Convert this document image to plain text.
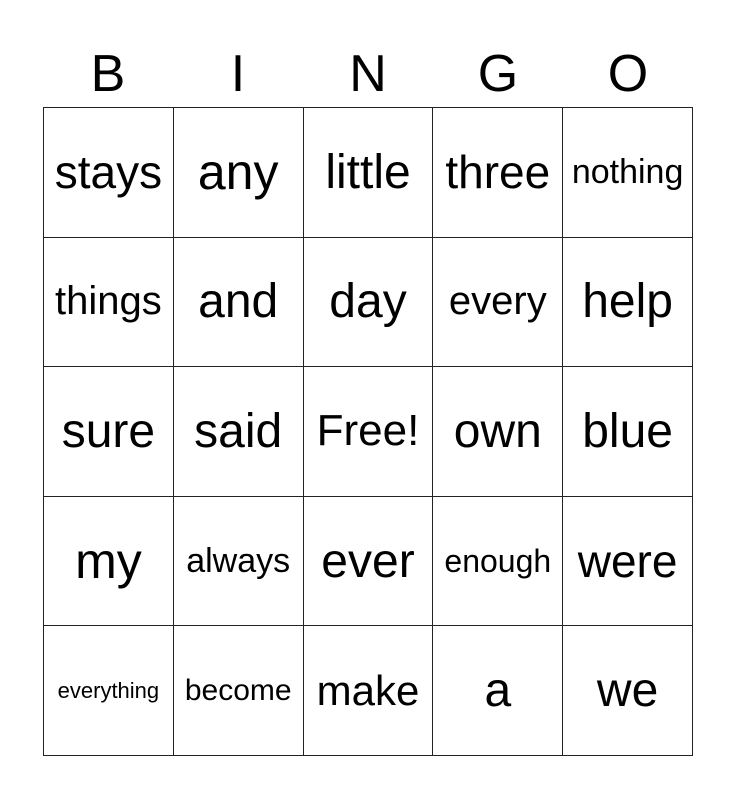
B	I	N	G	O
stays any little three nothing
things and	day	every help
sure said Free! own blue
my	always ever enough were
everything become make	a	we
